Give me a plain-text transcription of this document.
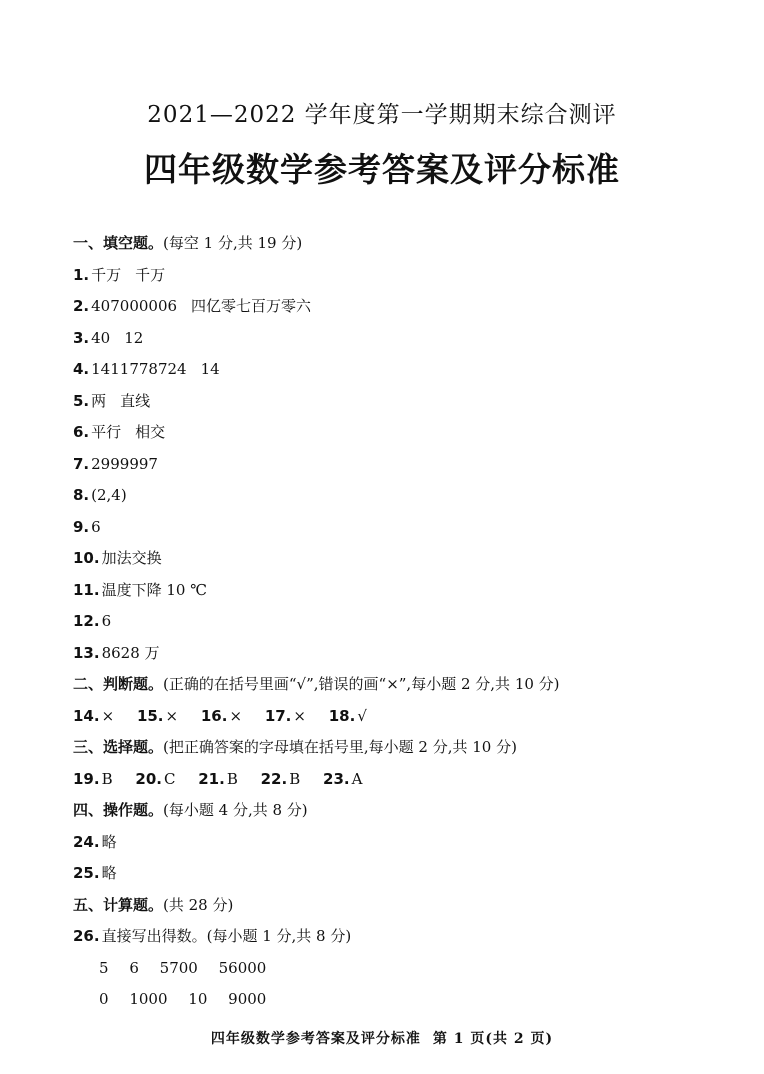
2021—2022 学年度第一学期期末综合测评
四年级数学参考答案及评分标准
一、填空题。(每空 1 分,共 19 分)
1. 千万 千万
2. 407000006 四亿零七百万零六
3. 40 12
4. 1411778724 14
5. 两 直线
6. 平行 相交
7. 2999997
8. (2,4)
9. 6
10. 加法交换
11. 温度下降 10 ℃
12. 6
13. 8628 万
二、判断题。(正确的在括号里画“√”,错误的画“×”,每小题 2 分,共 10 分)
14. × 15. × 16. × 17. × 18. √
三、选择题。(把正确答案的字母填在括号里,每小题 2 分,共 10 分)
19. B 20. C 21. B 22. B 23. A
四、操作题。(每小题 4 分,共 8 分)
24. 略
25. 略
五、计算题。(共 28 分)
26. 直接写出得数。(每小题 1 分,共 8 分)
5 6 5700 56000
0 1000 10 9000
四年级数学参考答案及评分标准 第 1 页(共 2 页)
